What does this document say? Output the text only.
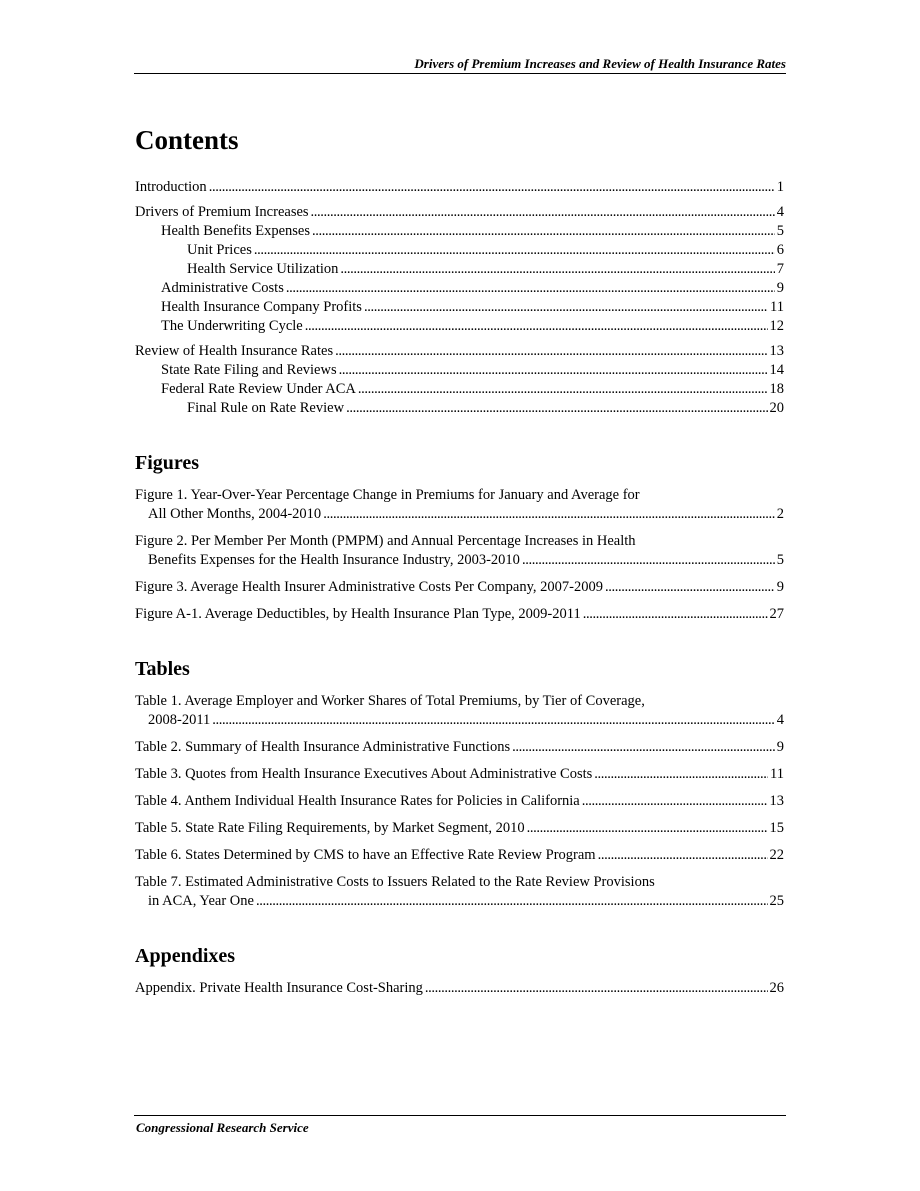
Drivers of Premium Increases and Review of Health Insurance Rates
Contents
Introduction . . .	1
Drivers of Premium Increases . . .	4
Health Benefits Expenses . . .	5
Unit Prices . . .	6
Health Service Utilization . . .	7
Administrative Costs . . .	9
Health Insurance Company Profits . . .	11
The Underwriting Cycle . . .	12
Review of Health Insurance Rates . . .	13
State Rate Filing and Reviews . . .	14
Federal Rate Review Under ACA . . .	18
Final Rule on Rate Review . . .	20
Figures
Figure 1. Year-Over-Year Percentage Change in Premiums for January and Average for
All Other Months, 2004-2010 . . .	2
Figure 2. Per Member Per Month (PMPM) and Annual Percentage Increases in Health
Benefits Expenses for the Health Insurance Industry, 2003-2010 . . .	5
Figure 3. Average Health Insurer Administrative Costs Per Company, 2007-2009 . . .	9
Figure A-1. Average Deductibles, by Health Insurance Plan Type, 2009-2011 . . .	27
Tables
Table 1. Average Employer and Worker Shares of Total Premiums, by Tier of Coverage,
2008-2011 . . .	4
Table 2. Summary of Health Insurance Administrative Functions . . .	9
Table 3. Quotes from Health Insurance Executives About Administrative Costs . . .	11
Table 4. Anthem Individual Health Insurance Rates for Policies in California . . .	13
Table 5. State Rate Filing Requirements, by Market Segment, 2010 . . .	15
Table 6. States Determined by CMS to have an Effective Rate Review Program . . .	22
Table 7. Estimated Administrative Costs to Issuers Related to the Rate Review Provisions
in ACA, Year One . . .	25
Appendixes
Appendix. Private Health Insurance Cost-Sharing . . .	26
Congressional Research Service
